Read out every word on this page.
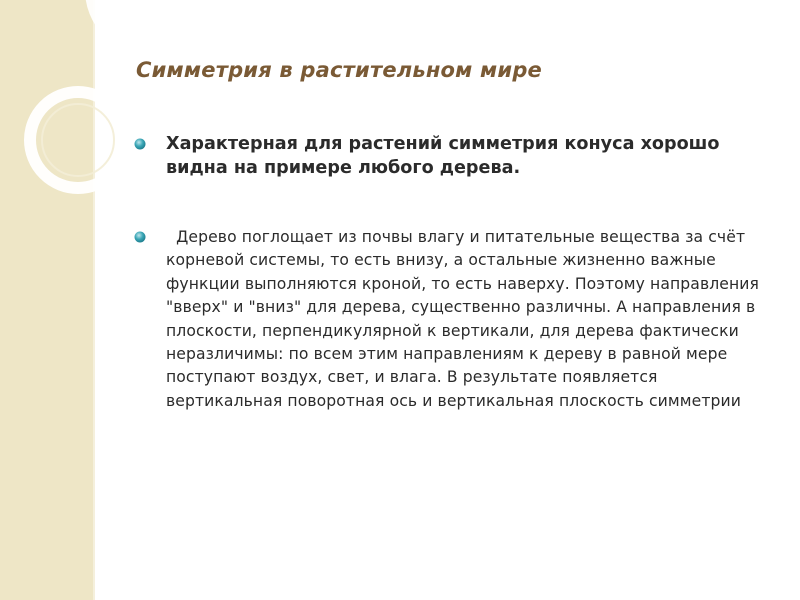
Симметрия в растительном мире
Характерная для растений симметрия конуса хорошо видна на примере любого дерева.
Дерево поглощает из почвы влагу и питательные вещества за счёт корневой системы, то есть внизу, а остальные жизненно важные функции выполняются кроной, то есть наверху. Поэтому направления "вверх" и "вниз" для дерева, существенно различны. А направления в плоскости, перпендикулярной к вертикали, для дерева фактически неразличимы: по всем этим направлениям к дереву в равной мере поступают воздух, свет, и влага. В результате появляется вертикальная поворотная ось и вертикальная плоскость симметрии
